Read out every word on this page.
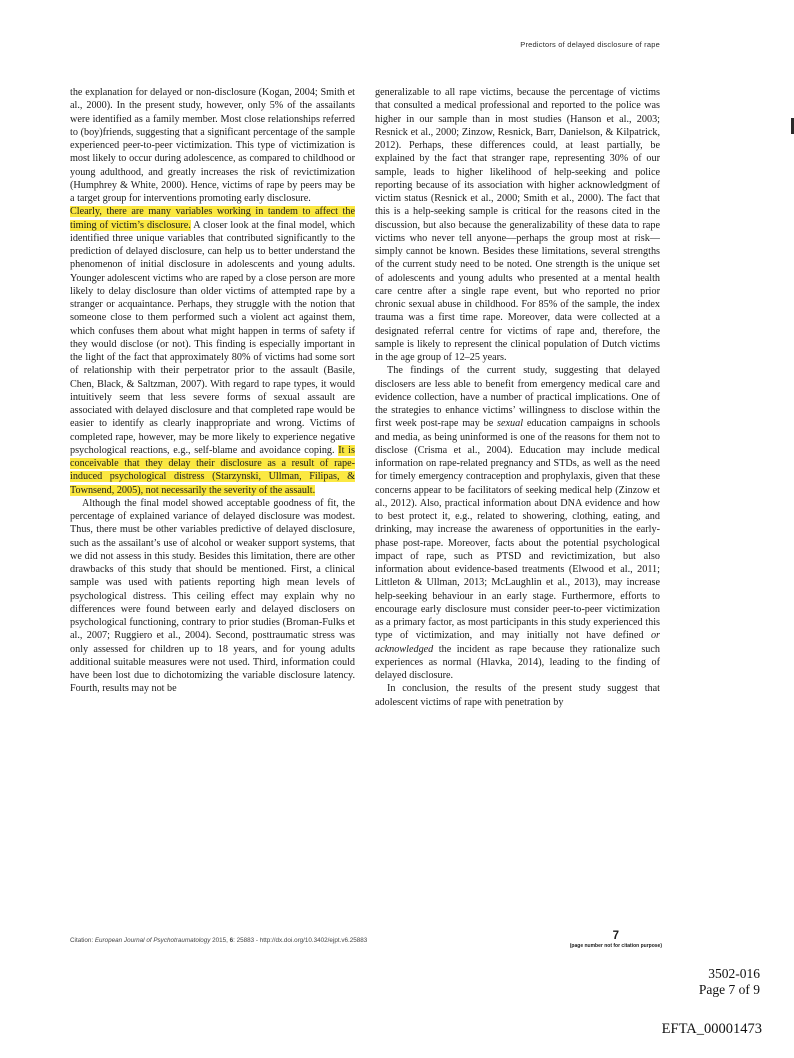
Predictors of delayed disclosure of rape

the explanation for delayed or non-disclosure (Kogan, 2004; Smith et al., 2000). In the present study, however, only 5% of the assailants were identified as a family member. Most close relationships referred to (boy)friends, suggesting that a significant percentage of the sample experienced peer-to-peer victimization. This type of victimization is most likely to occur during adolescence, as compared to childhood or young adulthood, and greatly increases the risk of revictimization (Humphrey & White, 2000). Hence, victims of rape by peers may be a target group for interventions promoting early disclosure.

Clearly, there are many variables working in tandem to affect the timing of victim’s disclosure. A closer look at the final model, which identified three unique variables that contributed significantly to the prediction of delayed disclosure, can help us to better understand the phenomenon of initial disclosure in adolescents and young adults. Younger adolescent victims who are raped by a close person are more likely to delay disclosure than older victims of attempted rape by a stranger or acquaintance. Perhaps, they struggle with the notion that someone close to them performed such a violent act against them, which confuses them about what might happen in terms of safety if they would disclose (or not). This finding is especially important in the light of the fact that approximately 80% of victims had some sort of relationship with their perpetrator prior to the assault (Basile, Chen, Black, & Saltzman, 2007). With regard to rape types, it would intuitively seem that less severe forms of sexual assault are associated with delayed disclosure and that completed rape would be easier to identify as clearly inappropriate and wrong. Victims of completed rape, however, may be more likely to experience negative psychological reactions, e.g., self-blame and avoidance coping. It is conceivable that they delay their disclosure as a result of rape-induced psychological distress (Starzynski, Ullman, Filipas, & Townsend, 2005), not necessarily the severity of the assault.

Although the final model showed acceptable goodness of fit, the percentage of explained variance of delayed disclosure was modest. Thus, there must be other variables predictive of delayed disclosure, such as the assailant’s use of alcohol or weaker support systems, that we did not assess in this study. Besides this limitation, there are other drawbacks of this study that should be mentioned. First, a clinical sample was used with patients reporting high mean levels of psychological distress. This ceiling effect may explain why no differences were found between early and delayed disclosers on psychological functioning, contrary to prior studies (Broman-Fulks et al., 2007; Ruggiero et al., 2004). Second, posttraumatic stress was only assessed for children up to 18 years, and for young adults additional suitable measures were not used. Third, information could have been lost due to dichotomizing the variable disclosure latency. Fourth, results may not be

generalizable to all rape victims, because the percentage of victims that consulted a medical professional and reported to the police was higher in our sample than in most studies (Hanson et al., 2003; Resnick et al., 2000; Zinzow, Resnick, Barr, Danielson, & Kilpatrick, 2012). Perhaps, these differences could, at least partially, be explained by the fact that stranger rape, representing 30% of our sample, leads to higher likelihood of help-seeking and police reporting because of its association with higher acknowledgment of victim status (Resnick et al., 2000; Smith et al., 2000). The fact that this is a help-seeking sample is critical for the reasons cited in the discussion, but also because the generalizability of these data to rape victims who never tell anyone—perhaps the group most at risk—simply cannot be known. Besides these limitations, several strengths of the current study need to be noted. One strength is the unique set of adolescents and young adults who presented at a mental health care centre after a single rape event, but who reported no prior chronic sexual abuse in childhood. For 85% of the sample, the index trauma was a first time rape. Moreover, data were collected at a designated referral centre for victims of rape and, therefore, the sample is likely to represent the clinical population of Dutch victims in the age group of 12–25 years.

The findings of the current study, suggesting that delayed disclosers are less able to benefit from emergency medical care and evidence collection, have a number of practical implications. One of the strategies to enhance victims’ willingness to disclose within the first week post-rape may be sexual education campaigns in schools and media, as being uninformed is one of the reasons for them not to disclose (Crisma et al., 2004). Education may include medical information on rape-related pregnancy and STDs, as well as the need for timely emergency contraception and prophylaxis, given that these concerns appear to be facilitators of seeking medical help (Zinzow et al., 2012). Also, practical information about DNA evidence and how to best protect it, e.g., related to showering, clothing, eating, and drinking, may increase the awareness of opportunities in the early-phase post-rape. Moreover, facts about the potential psychological impact of rape, such as PTSD and revictimization, but also information about evidence-based treatments (Elwood et al., 2011; Littleton & Ullman, 2013; McLaughlin et al., 2013), may increase help-seeking behaviour in an early stage. Furthermore, efforts to encourage early disclosure must consider peer-to-peer victimization as a primary factor, as most participants in this study experienced this type of victimization, and may initially not have defined or acknowledged the incident as rape because they rationalize such experiences as normal (Hlavka, 2014), leading to the finding of delayed disclosure.

In conclusion, the results of the present study suggest that adolescent victims of rape with penetration by

Citation: European Journal of Psychotraumatology 2015, 6: 25883 - http://dx.doi.org/10.3402/ejpt.v6.25883	7
(page number not for citation purpose)
3502-016
Page 7 of 9
EFTA_00001473
